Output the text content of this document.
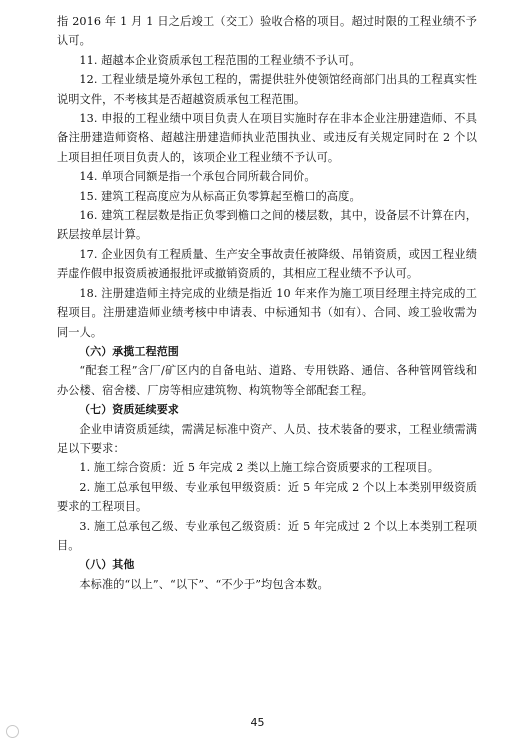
指 2016 年 1 月 1 日之后竣工（交工）验收合格的项目。超过时限的工程业绩不予认可。

11. 超越本企业资质承包工程范围的工程业绩不予认可。

12. 工程业绩是境外承包工程的，需提供驻外使领馆经商部门出具的工程真实性说明文件，不考核其是否超越资质承包工程范围。

13. 申报的工程业绩中项目负责人在项目实施时存在非本企业注册建造师、不具备注册建造师资格、超越注册建造师执业范围执业、或违反有关规定同时在 2 个以上项目担任项目负责人的，该项企业工程业绩不予认可。

14. 单项合同额是指一个承包合同所载合同价。

15. 建筑工程高度应为从标高正负零算起至檐口的高度。

16. 建筑工程层数是指正负零到檐口之间的楼层数，其中，设备层不计算在内，跃层按单层计算。

17. 企业因负有工程质量、生产安全事故责任被降级、吊销资质，或因工程业绩弄虚作假申报资质被通报批评或撤销资质的，其相应工程业绩不予认可。

18. 注册建造师主持完成的业绩是指近 10 年来作为施工项目经理主持完成的工程项目。注册建造师业绩考核中申请表、中标通知书（如有）、合同、竣工验收需为同一人。

（六）承揽工程范围

“配套工程”含厂/矿区内的自备电站、道路、专用铁路、通信、各种管网管线和办公楼、宿舍楼、厂房等相应建筑物、构筑物等全部配套工程。

（七）资质延续要求

企业申请资质延续，需满足标准中资产、人员、技术装备的要求，工程业绩需满足以下要求：

1. 施工综合资质：近 5 年完成 2 类以上施工综合资质要求的工程项目。

2. 施工总承包甲级、专业承包甲级资质：近 5 年完成 2 个以上本类别甲级资质要求的工程项目。

3. 施工总承包乙级、专业承包乙级资质：近 5 年完成过 2 个以上本类别工程项目。

（八）其他

本标准的“以上”、“以下”、“不少于”均包含本数。

45
